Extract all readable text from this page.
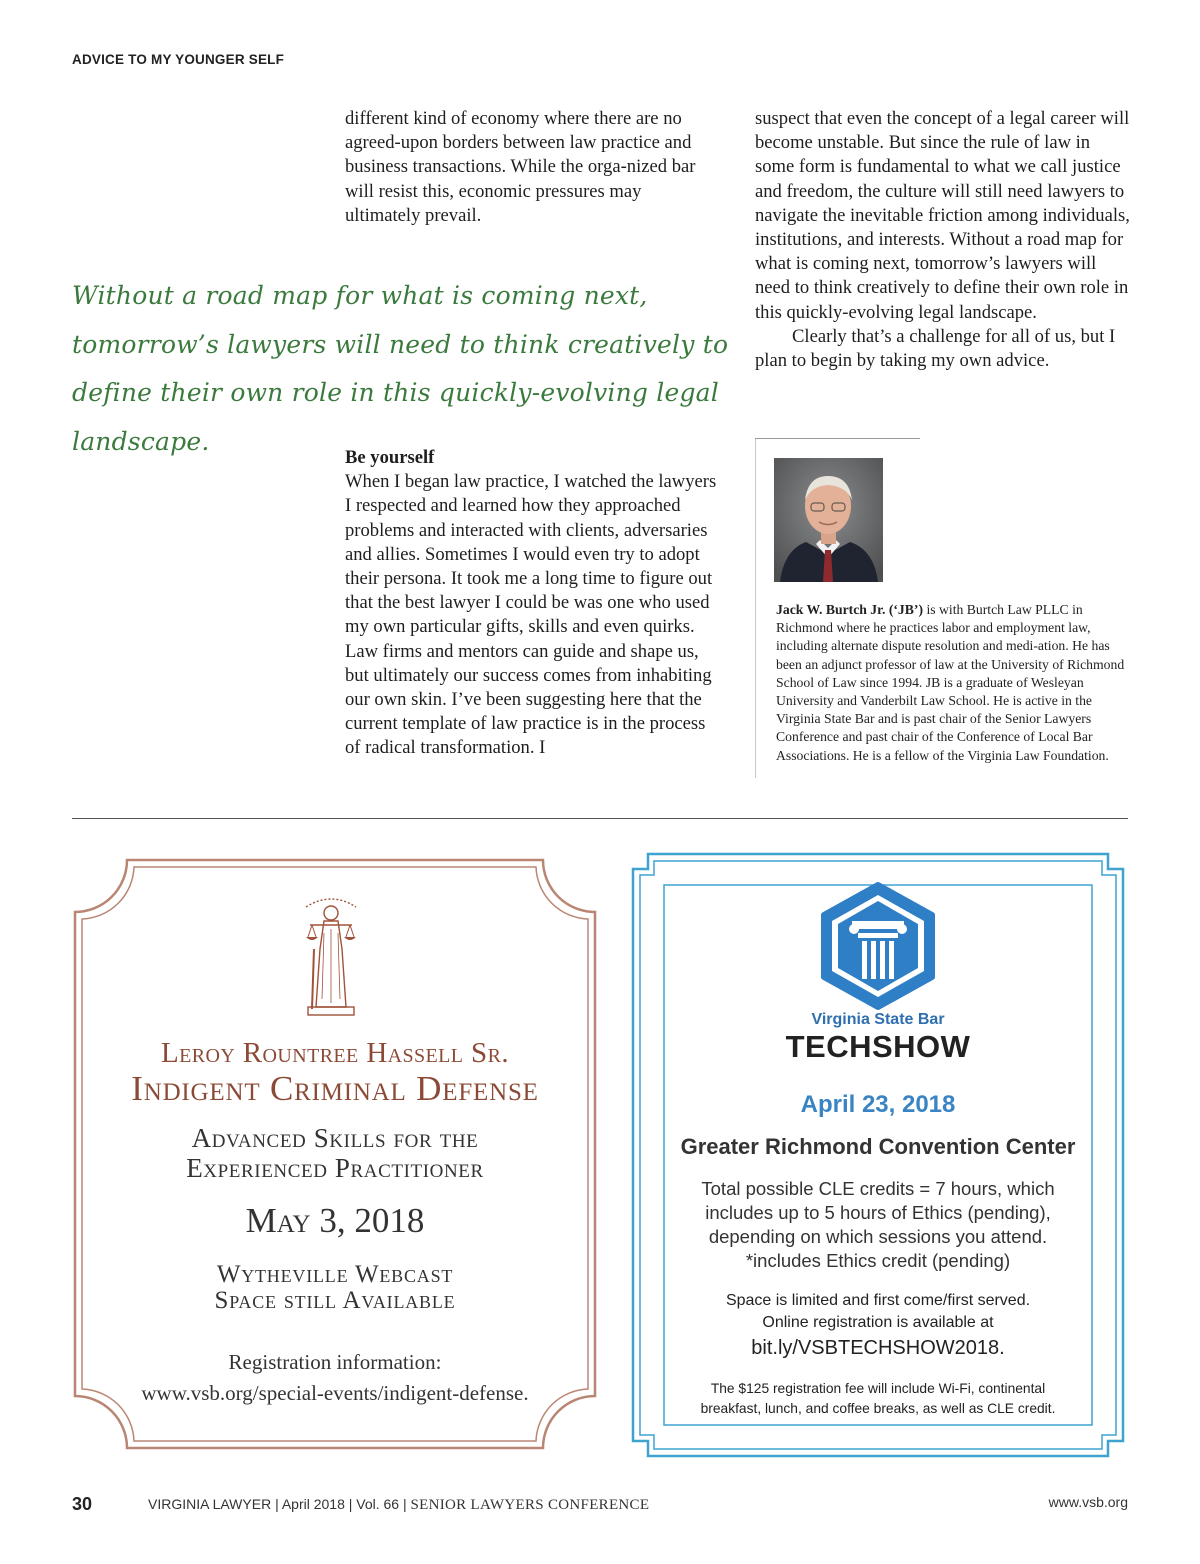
ADVICE TO MY YOUNGER SELF

different kind of economy where there are no agreed-upon borders between law practice and business transactions. While the orga-nized bar will resist this, economic pressures may ultimately prevail.

suspect that even the concept of a legal career will become unstable. But since the rule of law in some form is fundamental to what we call justice and freedom, the culture will still need lawyers to navigate the inevitable friction among individuals, institutions, and interests. Without a road map for what is coming next, tomorrow’s lawyers will need to think creatively to define their own role in this quickly-evolving legal landscape.

Clearly that’s a challenge for all of us, but I plan to begin by taking my own advice.

Without a road map for what is coming next, tomorrow’s lawyers will need to think creatively to define their own role in this quickly-evolving legal landscape.

Be yourself

When I began law practice, I watched the lawyers I respected and learned how they approached problems and interacted with clients, adversaries and allies. Sometimes I would even try to adopt their persona. It took me a long time to figure out that the best lawyer I could be was one who used my own particular gifts, skills and even quirks. Law firms and mentors can guide and shape us, but ultimately our success comes from inhabiting our own skin. I’ve been suggesting here that the current template of law practice is in the process of radical transformation. I

Jack W. Burtch Jr. (‘JB’) is with Burtch Law PLLC in Richmond where he practices labor and employment law, including alternate dispute resolution and medi-ation. He has been an adjunct professor of law at the University of Richmond School of Law since 1994. JB is a graduate of Wesleyan University and Vanderbilt Law School. He is active in the Virginia State Bar and is past chair of the Senior Lawyers Conference and past chair of the Conference of Local Bar Associations. He is a fellow of the Virginia Law Foundation.
Leroy Rountree Hassell Sr.
Indigent Criminal Defense
Advanced Skills for the
Experienced Practitioner
May 3, 2018
Wytheville Webcast
Space still Available
Registration information:
www.vsb.org/special-events/indigent-defense.
Virginia State Bar
TECHSHOW
April 23, 2018
Greater Richmond Convention Center
Total possible CLE credits = 7 hours, which
includes up to 5 hours of Ethics (pending),
depending on which sessions you attend.
*includes Ethics credit (pending)
Space is limited and first come/first served.
Online registration is available at
bit.ly/VSBTECHSHOW2018.
The $125 registration fee will include Wi-Fi, continental
breakfast, lunch, and coffee breaks, as well as CLE credit.
30	VIRGINIA LAWYER | April 2018 | Vol. 66 | SENIOR LAWYERS CONFERENCE	www.vsb.org
